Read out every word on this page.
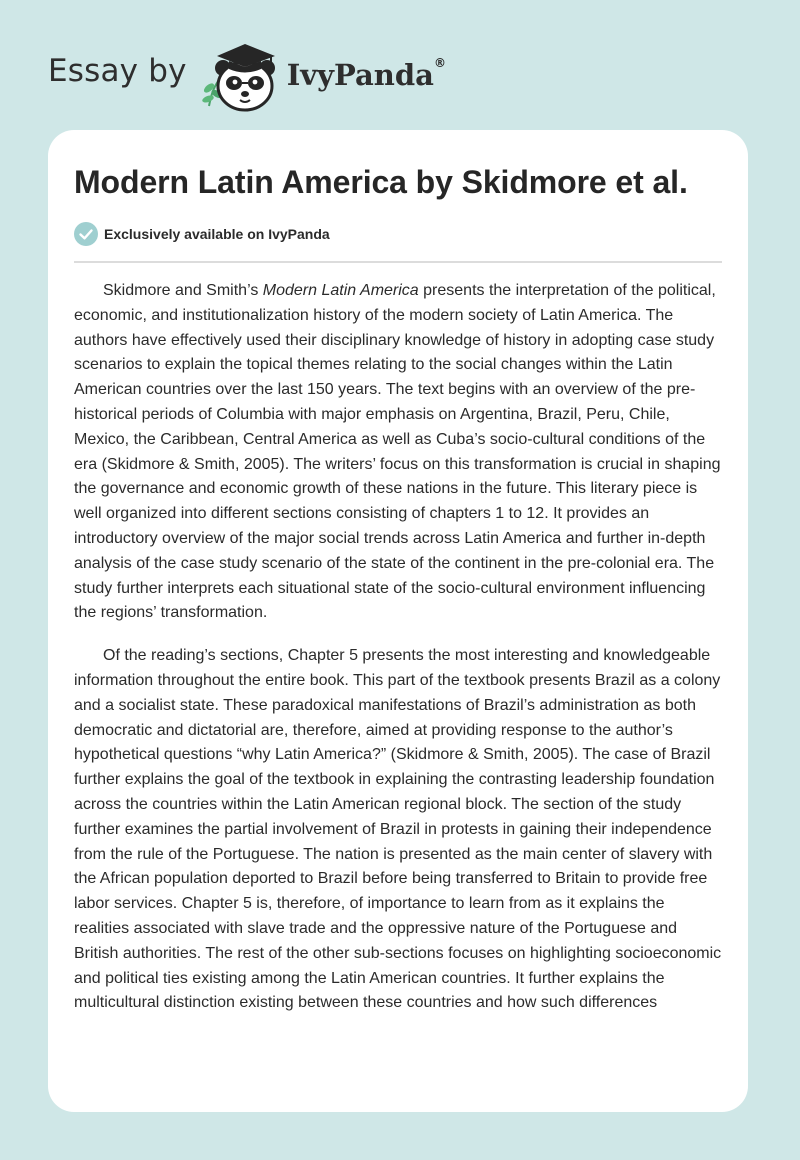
Essay by	IvyPanda®
Modern Latin America by Skidmore et al.
Exclusively available on IvyPanda

Skidmore and Smith’s Modern Latin America presents the interpretation of the political, economic, and institutionalization history of the modern society of Latin America. The authors have effectively used their disciplinary knowledge of history in adopting case study scenarios to explain the topical themes relating to the social changes within the Latin American countries over the last 150 years. The text begins with an overview of the pre-historical periods of Columbia with major emphasis on Argentina, Brazil, Peru, Chile, Mexico, the Caribbean, Central America as well as Cuba’s socio-cultural conditions of the era (Skidmore & Smith, 2005). The writers’ focus on this transformation is crucial in shaping the governance and economic growth of these nations in the future. This literary piece is well organized into different sections consisting of chapters 1 to 12. It provides an introductory overview of the major social trends across Latin America and further in-depth analysis of the case study scenario of the state of the continent in the pre-colonial era. The study further interprets each situational state of the socio-cultural environment influencing the regions’ transformation.

Of the reading’s sections, Chapter 5 presents the most interesting and knowledgeable information throughout the entire book. This part of the textbook presents Brazil as a colony and a socialist state. These paradoxical manifestations of Brazil’s administration as both democratic and dictatorial are, therefore, aimed at providing response to the author’s hypothetical questions “why Latin America?” (Skidmore & Smith, 2005). The case of Brazil further explains the goal of the textbook in explaining the contrasting leadership foundation across the countries within the Latin American regional block. The section of the study further examines the partial involvement of Brazil in protests in gaining their independence from the rule of the Portuguese. The nation is presented as the main center of slavery with the African population deported to Brazil before being transferred to Britain to provide free labor services. Chapter 5 is, therefore, of importance to learn from as it explains the realities associated with slave trade and the oppressive nature of the Portuguese and British authorities. The rest of the other sub-sections focuses on highlighting socioeconomic and political ties existing among the Latin American countries. It further explains the multicultural distinction existing between these countries and how such differences
